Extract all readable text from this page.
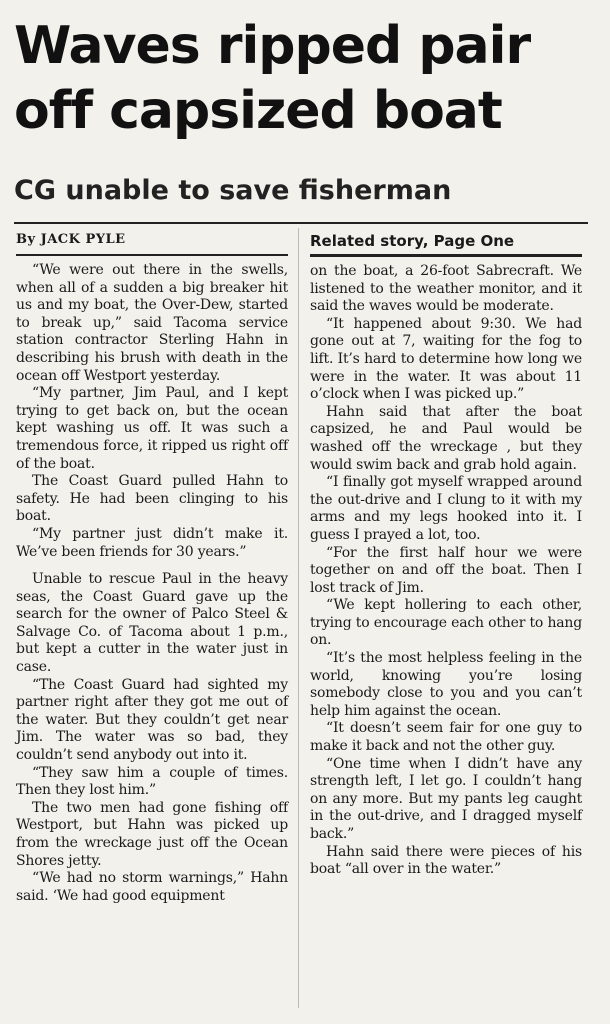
Waves ripped pair
off capsized boat
CG unable to save fisherman
By JACK PYLE

“We were out there in the swells, when all of a sudden a big breaker hit us and my boat, the Over-Dew, started to break up,” said Tacoma service station contractor Sterling Hahn in describing his brush with death in the ocean off Westport yesterday.

“My partner, Jim Paul, and I kept trying to get back on, but the ocean kept washing us off. It was such a tremendous force, it ripped us right off of the boat.

The Coast Guard pulled Hahn to safety. He had been clinging to his boat.

“My partner just didn’t make it. We’ve been friends for 30 years.”

Unable to rescue Paul in the heavy seas, the Coast Guard gave up the search for the owner of Palco Steel & Salvage Co. of Tacoma about 1 p.m., but kept a cutter in the water just in case.

“The Coast Guard had sighted my partner right after they got me out of the water. But they couldn’t get near Jim. The water was so bad, they couldn’t send anybody out into it.

“They saw him a couple of times. Then they lost him.”

The two men had gone fishing off Westport, but Hahn was picked up from the wreckage just off the Ocean Shores jetty.

“We had no storm warnings,” Hahn said. ‘We had good equipment

Related story, Page One

on the boat, a 26-foot Sabrecraft. We listened to the weather monitor, and it said the waves would be moderate.

“It happened about 9:30. We had gone out at 7, waiting for the fog to lift. It’s hard to determine how long we were in the water. It was about 11 o’clock when I was picked up.”

Hahn said that after the boat capsized, he and Paul would be washed off the wreckage , but they would swim back and grab hold again.

“I finally got myself wrapped around the out-drive and I clung to it with my arms and my legs hooked into it. I guess I prayed a lot, too.

“For the first half hour we were together on and off the boat. Then I lost track of Jim.

“We kept hollering to each other, trying to encourage each other to hang on.

“It’s the most helpless feeling in the world, knowing you’re losing somebody close to you and you can’t help him against the ocean.

“It doesn’t seem fair for one guy to make it back and not the other guy.

“One time when I didn’t have any strength left, I let go. I couldn’t hang on any more. But my pants leg caught in the out-drive, and I dragged myself back.”

Hahn said there were pieces of his boat “all over in the water.”
